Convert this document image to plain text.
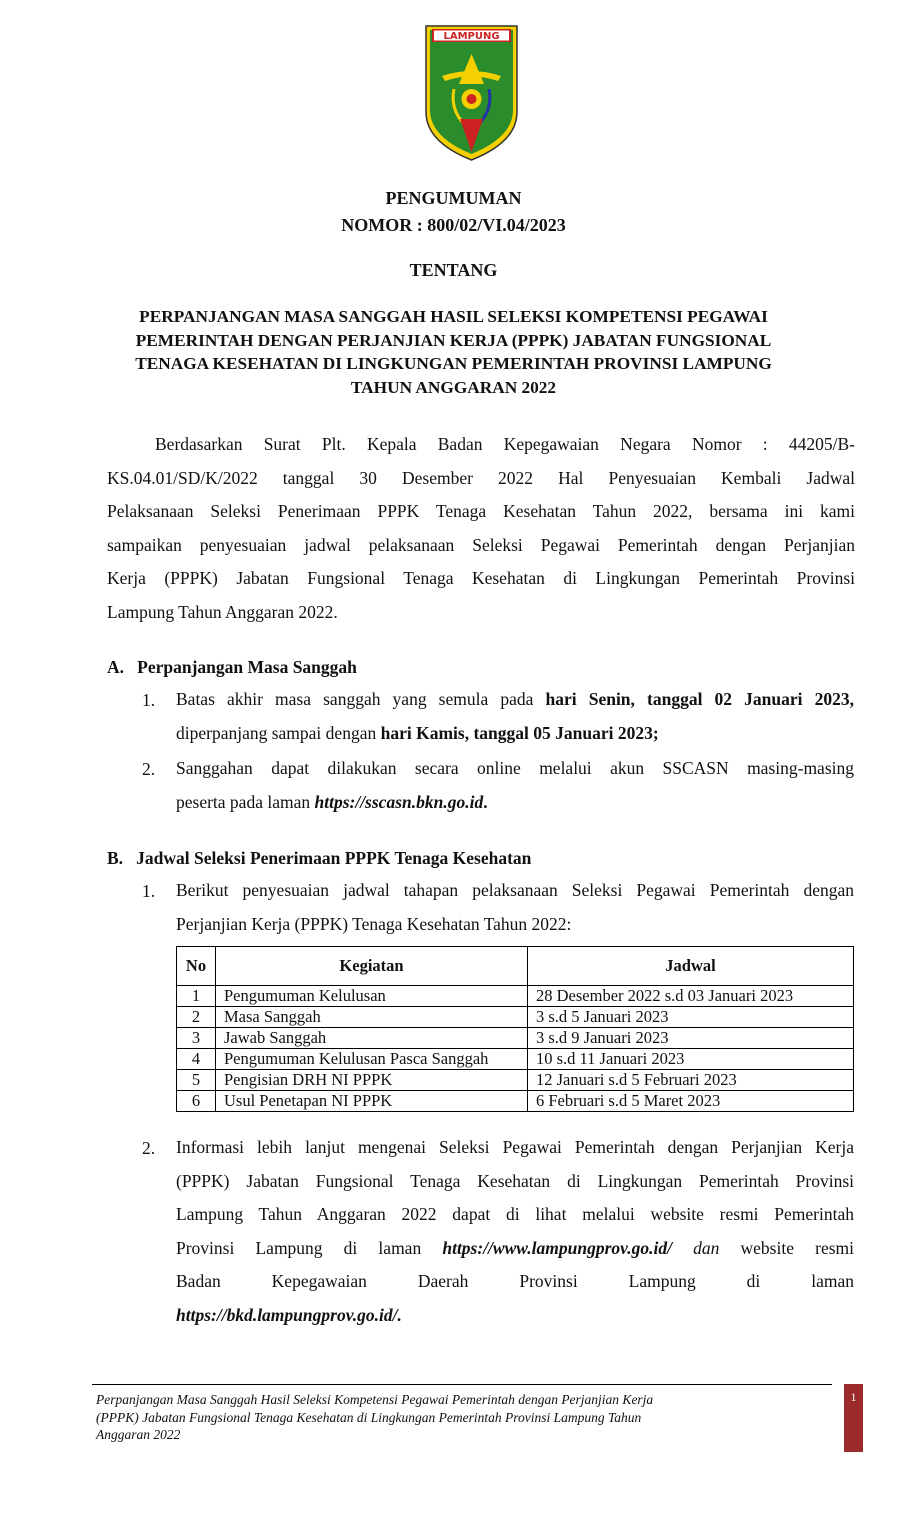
LAMPUNG
PENGUMUMAN
NOMOR : 800/02/VI.04/2023
TENTANG
PERPANJANGAN MASA SANGGAH HASIL SELEKSI KOMPETENSI PEGAWAI
PEMERINTAH DENGAN PERJANJIAN KERJA (PPPK) JABATAN FUNGSIONAL
TENAGA KESEHATAN DI LINGKUNGAN PEMERINTAH PROVINSI LAMPUNG
TAHUN ANGGARAN 2022
Berdasarkan Surat Plt. Kepala Badan Kepegawaian Negara Nomor : 44205/B-
KS.04.01/SD/K/2022 tanggal 30 Desember 2022 Hal Penyesuaian Kembali Jadwal
Pelaksanaan Seleksi Penerimaan PPPK Tenaga Kesehatan Tahun 2022, bersama ini kami
sampaikan penyesuaian jadwal pelaksanaan Seleksi Pegawai Pemerintah dengan Perjanjian
Kerja (PPPK) Jabatan Fungsional Tenaga Kesehatan di Lingkungan Pemerintah Provinsi
Lampung Tahun Anggaran 2022.
A.   Perpanjangan Masa Sanggah
1. Batas akhir masa sanggah yang semula pada hari Senin, tanggal 02 Januari 2023,
diperpanjang sampai dengan hari Kamis, tanggal 05 Januari 2023;
2. Sanggahan dapat dilakukan secara online melalui akun SSCASN masing-masing
peserta pada laman https://sscasn.bkn.go.id.
B.   Jadwal Seleksi Penerimaan PPPK Tenaga Kesehatan
1. Berikut penyesuaian jadwal tahapan pelaksanaan Seleksi Pegawai Pemerintah dengan
Perjanjian Kerja (PPPK) Tenaga Kesehatan Tahun 2022:
No	Kegiatan	Jadwal
1	Pengumuman Kelulusan	28 Desember 2022 s.d 03 Januari 2023
2	Masa Sanggah	3 s.d 5 Januari 2023
3	Jawab Sanggah	3 s.d 9 Januari 2023
4	Pengumuman Kelulusan Pasca Sanggah	10 s.d 11 Januari 2023
5	Pengisian DRH NI PPPK	12 Januari s.d 5 Februari 2023
6	Usul Penetapan NI PPPK	6 Februari s.d 5 Maret 2023
2. Informasi lebih lanjut mengenai Seleksi Pegawai Pemerintah dengan Perjanjian Kerja
(PPPK) Jabatan Fungsional Tenaga Kesehatan di Lingkungan Pemerintah Provinsi
Lampung Tahun Anggaran 2022 dapat di lihat melalui website resmi Pemerintah
Provinsi Lampung di laman https://www.lampungprov.go.id/ dan website resmi
Badan Kepegawaian Daerah Provinsi Lampung di laman
https://bkd.lampungprov.go.id/.
Perpanjangan Masa Sanggah Hasil Seleksi Kompetensi Pegawai Pemerintah dengan Perjanjian Kerja
(PPPK) Jabatan Fungsional Tenaga Kesehatan di Lingkungan Pemerintah Provinsi Lampung Tahun
Anggaran 2022
1
